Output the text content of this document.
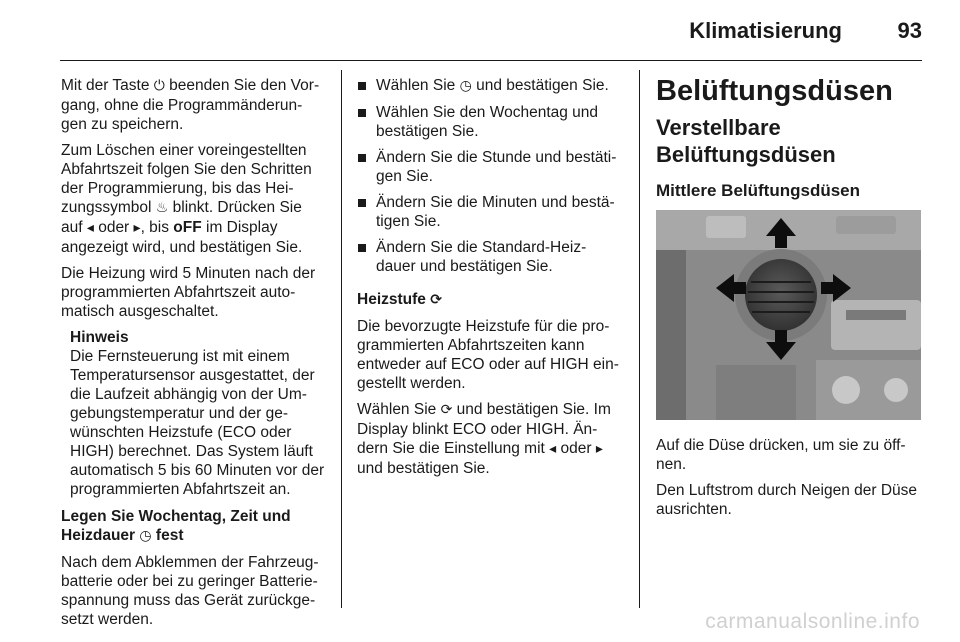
Klimatisierung	93

Mit der Taste ⏻ beenden Sie den Vor-gang, ohne die Programmänderun-gen zu speichern.

Zum Löschen einer voreingestellten Abfahrtszeit folgen Sie den Schritten der Programmierung, bis das Hei-zungssymbol ♨ blinkt. Drücken Sie auf ◂ oder ▸, bis oFF im Display angezeigt wird, und bestätigen Sie.

Die Heizung wird 5 Minuten nach der programmierten Abfahrtszeit auto-matisch ausgeschaltet.

Hinweis
Die Fernsteuerung ist mit einem Temperatursensor ausgestattet, der die Laufzeit abhängig von der Um-gebungstemperatur und der ge-wünschten Heizstufe (ECO oder HIGH) berechnet. Das System läuft automatisch 5 bis 60 Minuten vor der programmierten Abfahrtszeit an.

Legen Sie Wochentag, Zeit und Heizdauer ◷ fest

Nach dem Abklemmen der Fahrzeug-batterie oder bei zu geringer Batterie-spannung muss das Gerät zurückge-setzt werden.

Wählen Sie ◷ und bestätigen Sie.
Wählen Sie den Wochentag und bestätigen Sie.
Ändern Sie die Stunde und bestäti-gen Sie.
Ändern Sie die Minuten und bestä-tigen Sie.
Ändern Sie die Standard-Heiz-dauer und bestätigen Sie.

Heizstufe ⟳

Die bevorzugte Heizstufe für die pro-grammierten Abfahrtszeiten kann entweder auf ECO oder auf HIGH ein-gestellt werden.

Wählen Sie ⟳ und bestätigen Sie. Im Display blinkt ECO oder HIGH. Än-dern Sie die Einstellung mit ◂ oder ▸ und bestätigen Sie.

Belüftungsdüsen
Verstellbare Belüftungsdüsen
Mittlere Belüftungsdüsen

Auf die Düse drücken, um sie zu öff-nen.

Den Luftstrom durch Neigen der Düse ausrichten.

carmanualsonline.info
